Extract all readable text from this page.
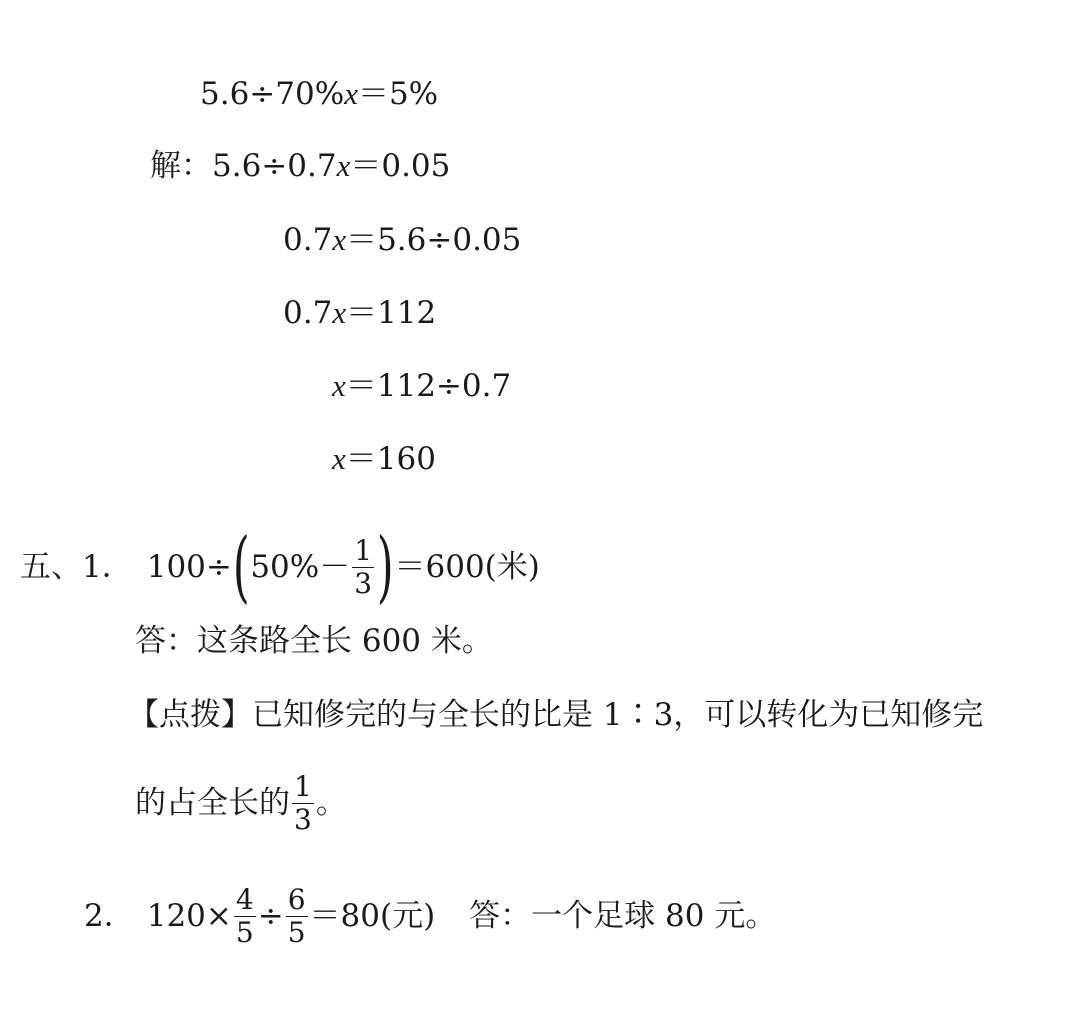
5.6÷70%x＝5%
解：5.6÷0.7x＝0.05
0.7x＝5.6÷0.05
0.7x＝112
x＝112÷0.7
x＝160
五、 1． 100÷ ( $50\%- \frac{1}{3}$ ) ＝600(米)
答：这条路全长 600 米。
【点拨】已知修完的与全长的比是 1∶3，可以转化为已知修完
的占全长的 $\frac{1}{3}$ 。
2． $120\times \frac{4}{5} \div \frac{6}{5} =80$(元) 答：一个足球 80 元。
